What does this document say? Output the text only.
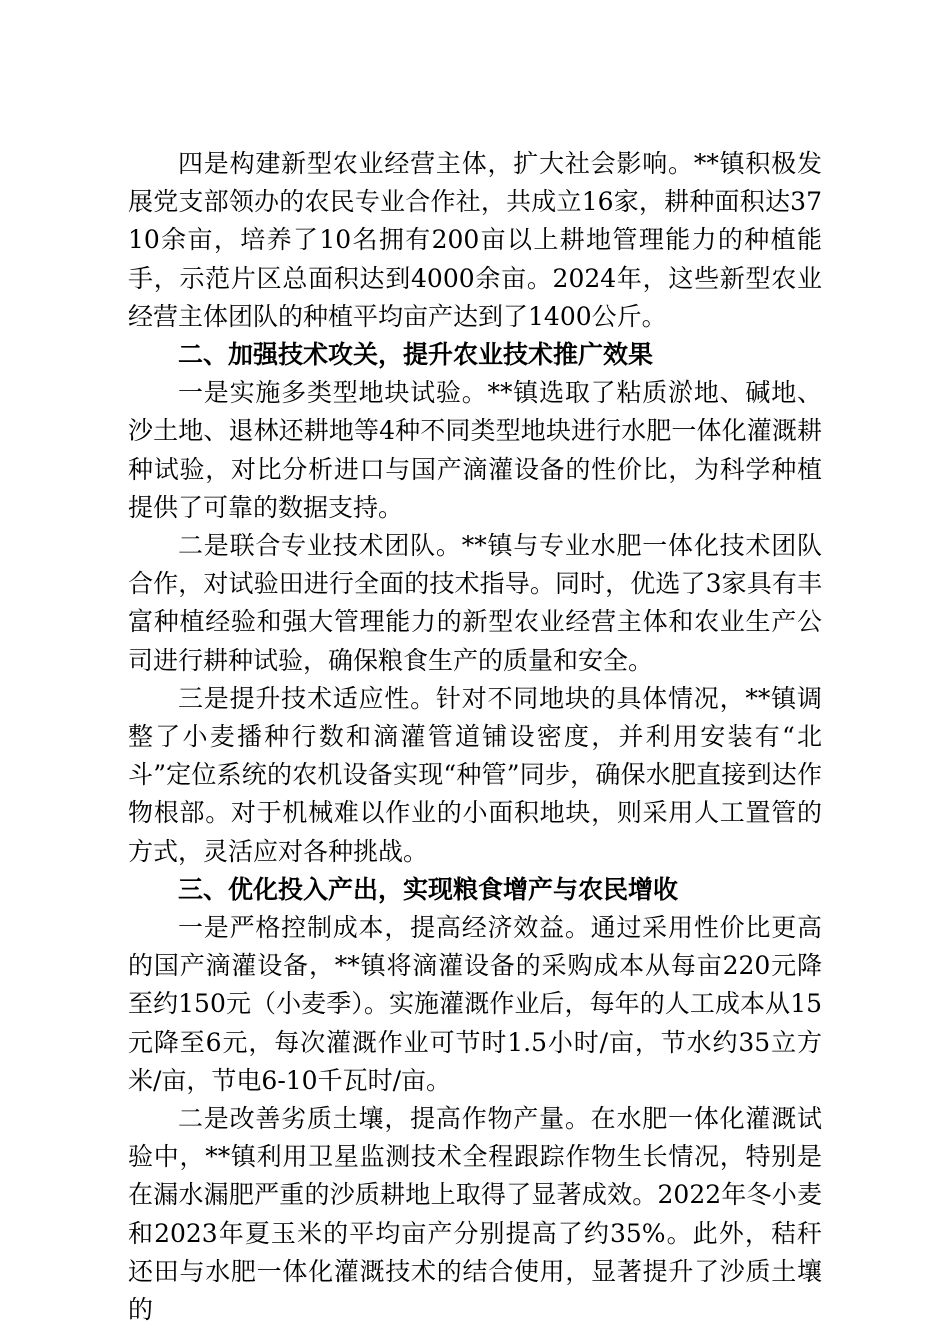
四是构建新型农业经营主体，扩大社会影响。**镇积极发展党支部领办的农民专业合作社，共成立16家，耕种面积达3710余亩，培养了10名拥有200亩以上耕地管理能力的种植能手，示范片区总面积达到4000余亩。2024年，这些新型农业经营主体团队的种植平均亩产达到了1400公斤。

二、加强技术攻关，提升农业技术推广效果

一是实施多类型地块试验。**镇选取了粘质淤地、碱地、沙土地、退林还耕地等4种不同类型地块进行水肥一体化灌溉耕种试验，对比分析进口与国产滴灌设备的性价比，为科学种植提供了可靠的数据支持。

二是联合专业技术团队。**镇与专业水肥一体化技术团队合作，对试验田进行全面的技术指导。同时，优选了3家具有丰富种植经验和强大管理能力的新型农业经营主体和农业生产公司进行耕种试验，确保粮食生产的质量和安全。

三是提升技术适应性。针对不同地块的具体情况，**镇调整了小麦播种行数和滴灌管道铺设密度，并利用安装有“北斗”定位系统的农机设备实现“种管”同步，确保水肥直接到达作物根部。对于机械难以作业的小面积地块，则采用人工置管的方式，灵活应对各种挑战。

三、优化投入产出，实现粮食增产与农民增收

一是严格控制成本，提高经济效益。通过采用性价比更高的国产滴灌设备，**镇将滴灌设备的采购成本从每亩220元降至约150元（小麦季）。实施灌溉作业后，每年的人工成本从15元降至6元，每次灌溉作业可节时1.5小时/亩，节水约35立方米/亩，节电6-10千瓦时/亩。

二是改善劣质土壤，提高作物产量。在水肥一体化灌溉试验中，**镇利用卫星监测技术全程跟踪作物生长情况，特别是在漏水漏肥严重的沙质耕地上取得了显著成效。2022年冬小麦和2023年夏玉米的平均亩产分别提高了约35%。此外，秸秆还田与水肥一体化灌溉技术的结合使用，显著提升了沙质土壤的
